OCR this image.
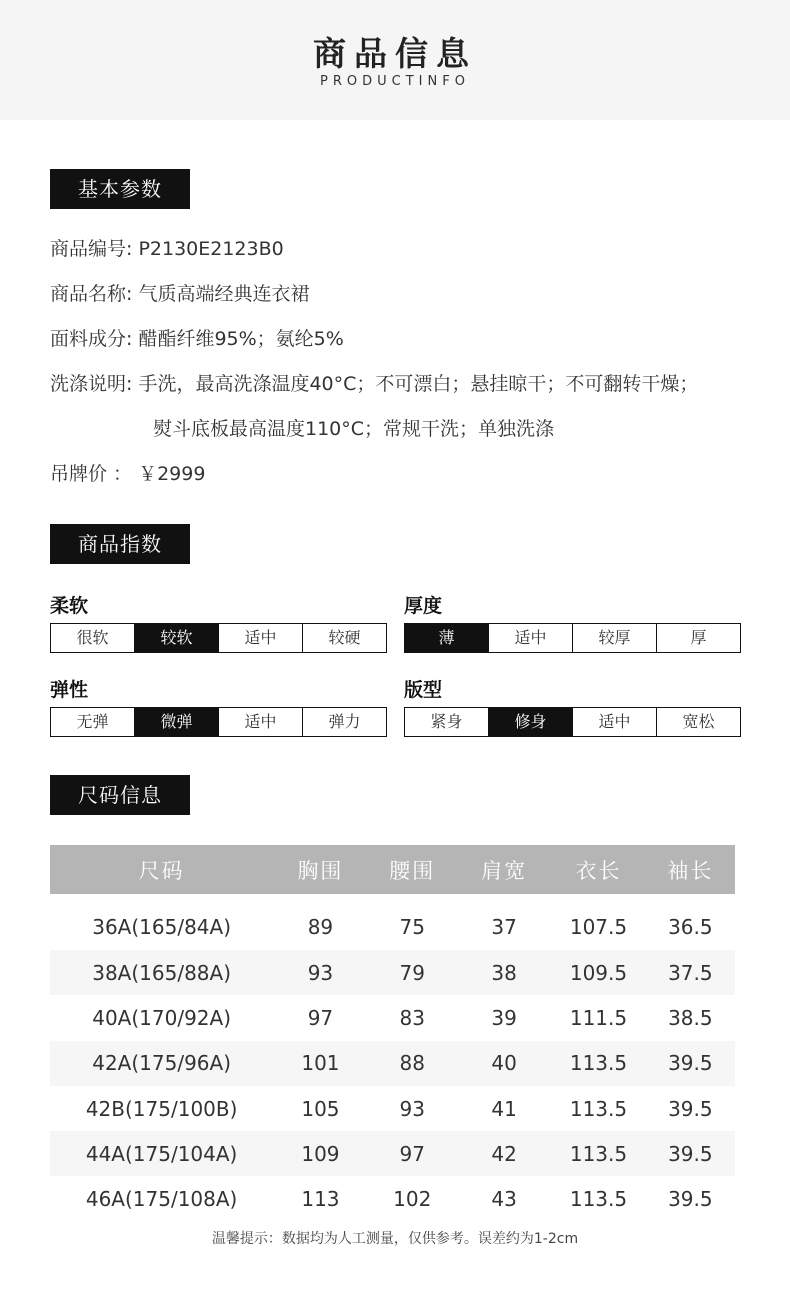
商品信息
PRODUCTINFO
基本参数
商品编号: P2130E2123B0
商品名称: 气质高端经典连衣裙
面料成分: 醋酯纤维95%；氨纶5%
洗涤说明: 手洗，最高洗涤温度40°C；不可漂白；悬挂晾干；不可翻转干燥；
熨斗底板最高温度110°C；常规干洗；单独洗涤
吊牌价 ： ￥2999
商品指数
柔软
很软	较软	适中	较硬
厚度
薄	适中	较厚	厚
弹性
无弹	微弹	适中	弹力
版型
紧身	修身	适中	宽松
尺码信息
尺码	胸围	腰围	肩宽	衣长	袖长
36A(165/84A)	89	75	37	107.5	36.5
38A(165/88A)	93	79	38	109.5	37.5
40A(170/92A)	97	83	39	111.5	38.5
42A(175/96A)	101	88	40	113.5	39.5
42B(175/100B)	105	93	41	113.5	39.5
44A(175/104A)	109	97	42	113.5	39.5
46A(175/108A)	113	102	43	113.5	39.5
温馨提示：数据均为人工测量，仅供参考。误差约为1-2cm
